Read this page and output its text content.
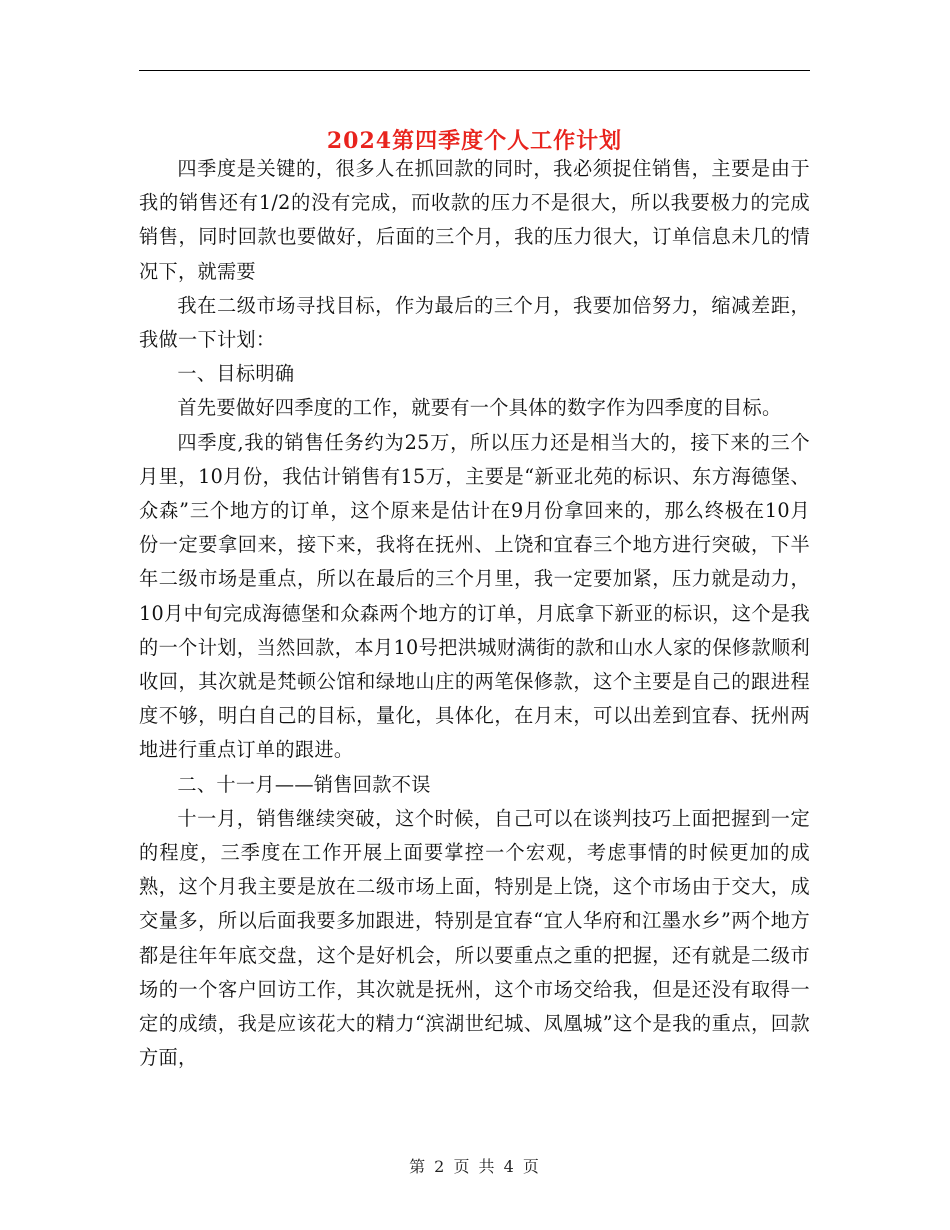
2024第四季度个人工作计划

四季度是关键的，很多人在抓回款的同时，我必须捉住销售，主要是由于我的销售还有1/2的没有完成，而收款的压力不是很大，所以我要极力的完成销售，同时回款也要做好，后面的三个月，我的压力很大，订单信息未几的情况下，就需要

我在二级市场寻找目标，作为最后的三个月，我要加倍努力，缩减差距，我做一下计划：

一、目标明确

首先要做好四季度的工作，就要有一个具体的数字作为四季度的目标。

四季度,我的销售任务约为25万，所以压力还是相当大的，接下来的三个月里，10月份，我估计销售有15万，主要是“新亚北苑的标识、东方海德堡、众森”三个地方的订单，这个原来是估计在9月份拿回来的，那么终极在10月份一定要拿回来，接下来，我将在抚州、上饶和宜春三个地方进行突破，下半年二级市场是重点，所以在最后的三个月里，我一定要加紧，压力就是动力，10月中旬完成海德堡和众森两个地方的订单，月底拿下新亚的标识，这个是我的一个计划，当然回款，本月10号把洪城财满街的款和山水人家的保修款顺利收回，其次就是梵顿公馆和绿地山庄的两笔保修款，这个主要是自己的跟进程度不够，明白自己的目标，量化，具体化，在月末，可以出差到宜春、抚州两地进行重点订单的跟进。

二、十一月——销售回款不误

十一月，销售继续突破，这个时候，自己可以在谈判技巧上面把握到一定的程度，三季度在工作开展上面要掌控一个宏观，考虑事情的时候更加的成熟，这个月我主要是放在二级市场上面，特别是上饶，这个市场由于交大，成交量多，所以后面我要多加跟进，特别是宜春“宜人华府和江墨水乡”两个地方都是往年年底交盘，这个是好机会，所以要重点之重的把握，还有就是二级市场的一个客户回访工作，其次就是抚州，这个市场交给我，但是还没有取得一定的成绩，我是应该花大的精力“滨湖世纪城、凤凰城”这个是我的重点，回款方面，

第 2 页 共 4 页
